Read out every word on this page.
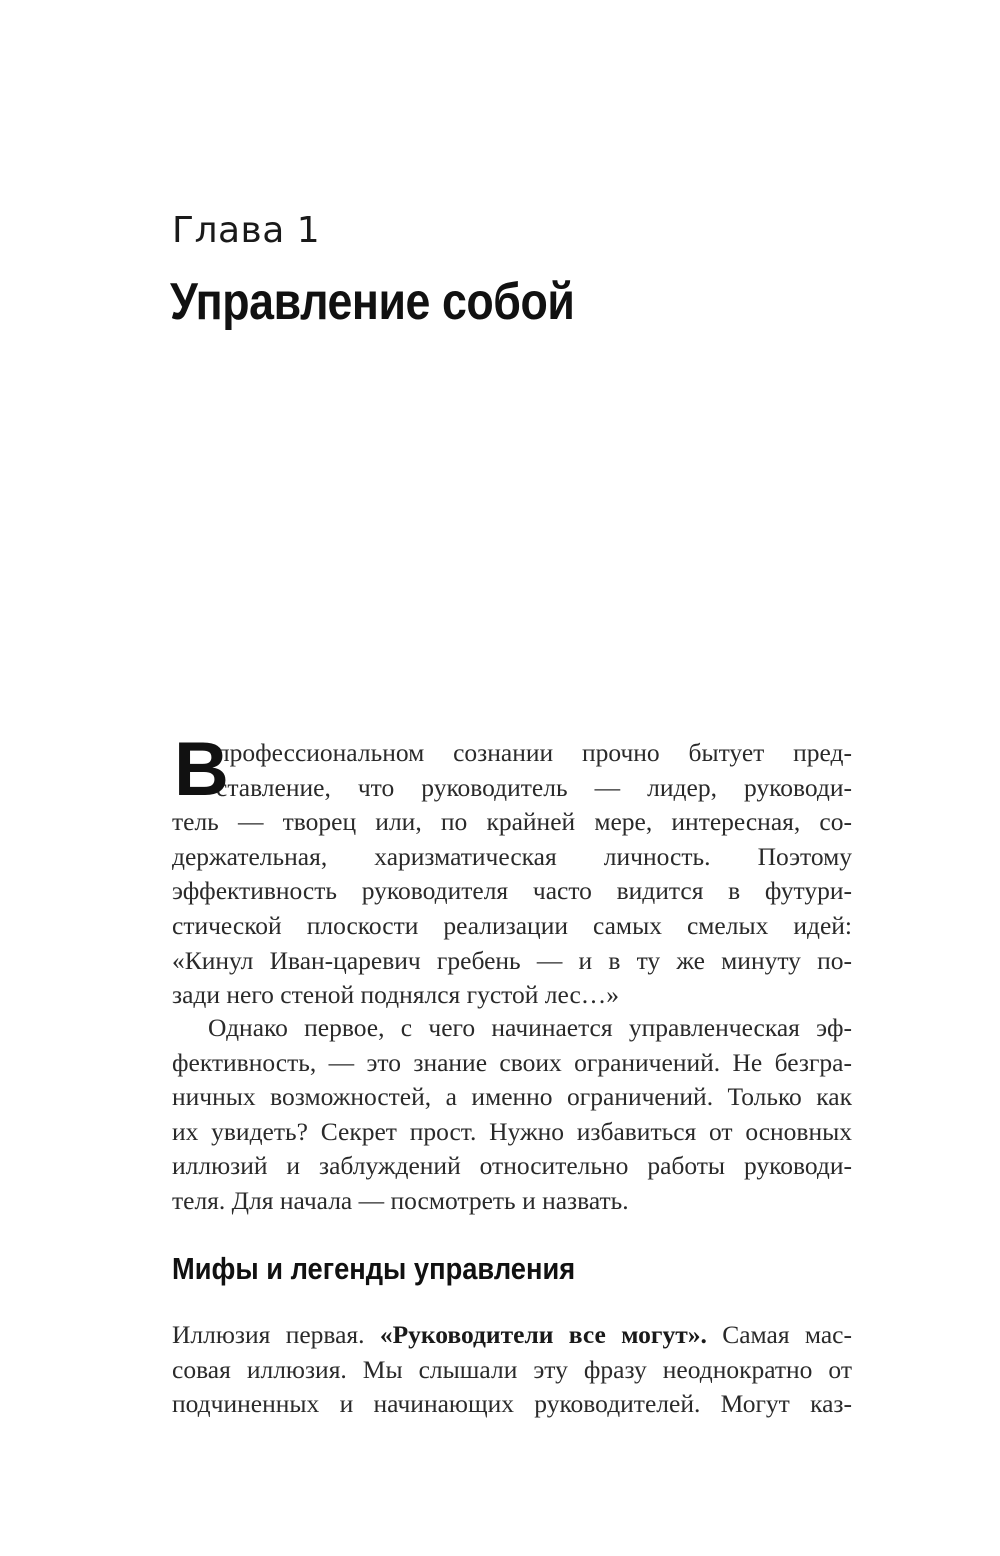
Глава 1
Управление собой
В
профессиональном сознании прочно бытует пред-
ставление, что руководитель — лидер, руководи-
тель — творец или, по крайней мере, интересная, со-
держательная, харизматическая личность. Поэтому
эффективность руководителя часто видится в футури-
стической плоскости реализации самых смелых идей:
«Кинул Иван-царевич гребень — и в ту же минуту по-
зади него стеной поднялся густой лес…»
Однако первое, с чего начинается управленческая эф-
фективность, — это знание своих ограничений. Не безгра-
ничных возможностей, а именно ограничений. Только как
их увидеть? Секрет прост. Нужно избавиться от основных
иллюзий и заблуждений относительно работы руководи-
теля. Для начала — посмотреть и назвать.
Мифы и легенды управления
Иллюзия первая. «Руководители все могут». Самая мас-
совая иллюзия. Мы слышали эту фразу неоднократно от
подчиненных и начинающих руководителей. Могут каз-
